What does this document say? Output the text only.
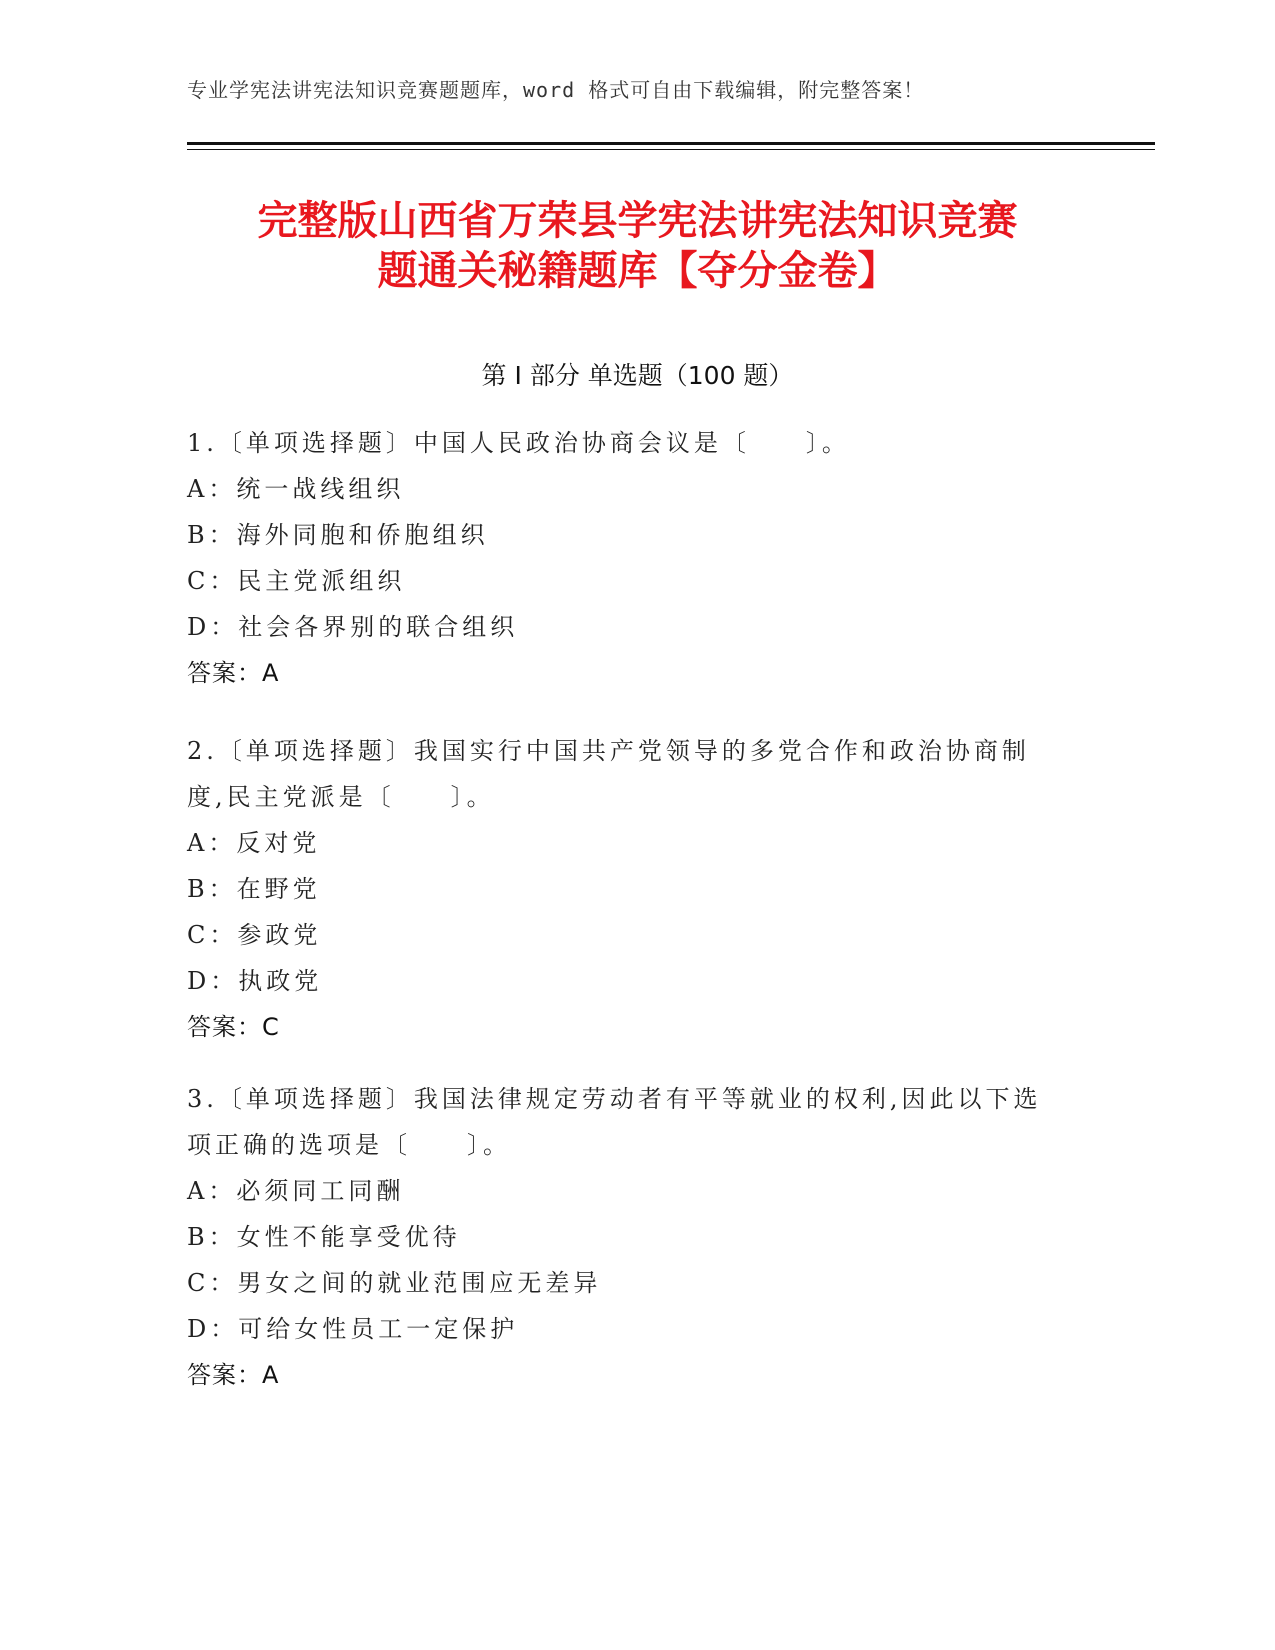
专业学宪法讲宪法知识竞赛题题库，word 格式可自由下载编辑，附完整答案！
完整版山西省万荣县学宪法讲宪法知识竞赛
题通关秘籍题库【夺分金卷】
第 I 部分 单选题（100 题）

1.〔单项选择题〕中国人民政治协商会议是〔　　〕。

A：统一战线组织

B：海外同胞和侨胞组织

C：民主党派组织

D：社会各界别的联合组织

答案：A

2.〔单项选择题〕我国实行中国共产党领导的多党合作和政治协商制度,民主党派是〔　　〕。

A：反对党

B：在野党

C：参政党

D：执政党

答案：C

3.〔单项选择题〕我国法律规定劳动者有平等就业的权利,因此以下选项正确的选项是〔　　〕。

A：必须同工同酬

B：女性不能享受优待

C：男女之间的就业范围应无差异

D：可给女性员工一定保护

答案：A
